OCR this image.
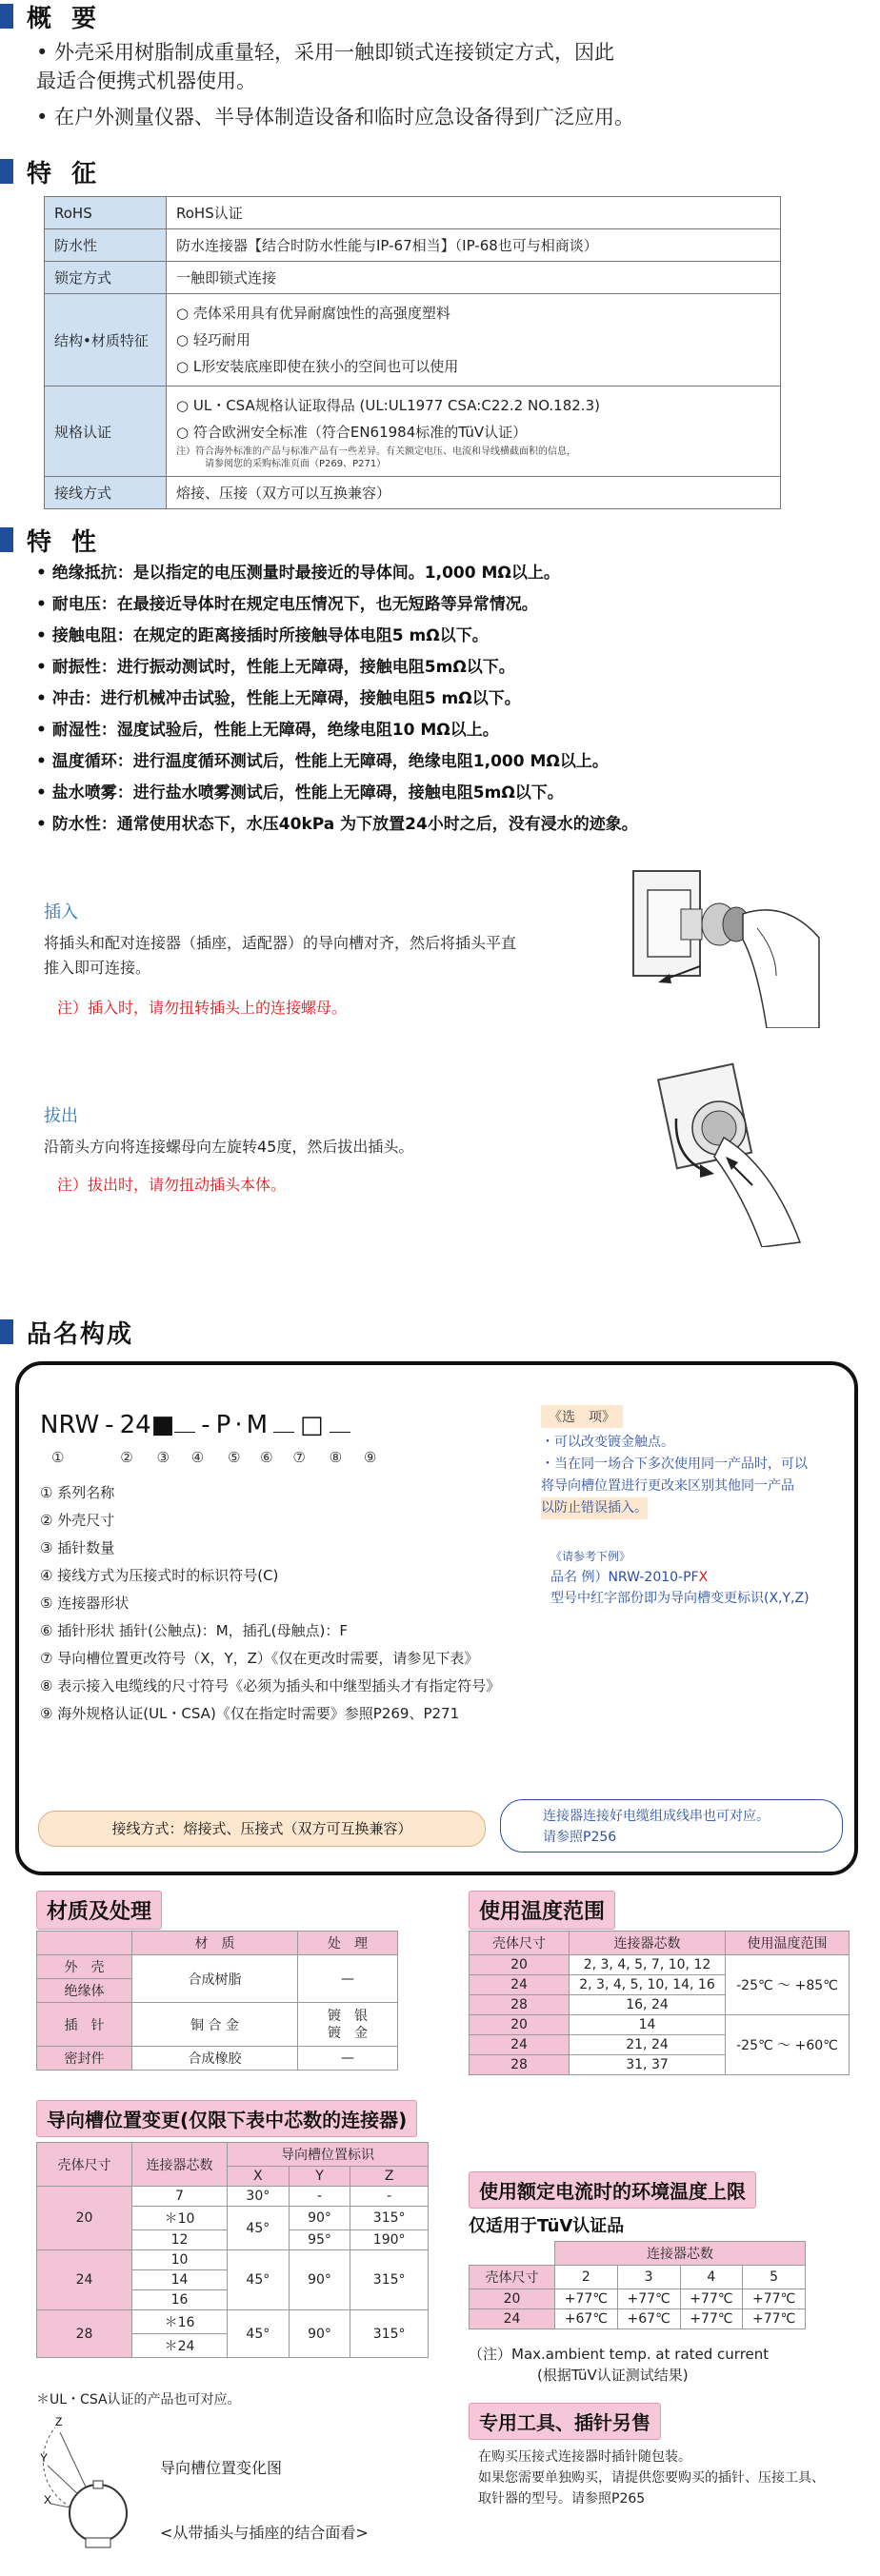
概 要
• 外壳采用树脂制成重量轻，采用一触即锁式连接锁定方式，因此
最适合便携式机器使用。
• 在户外测量仪器、半导体制造设备和临时应急设备得到广泛应用。
特 征
RoHS	RoHS认证
防水性	防水连接器【结合时防水性能与IP-67相当】（IP-68也可与相商谈）
锁定方式	一触即锁式连接
结构•材质特征	○ 壳体采用具有优异耐腐蚀性的高强度塑料
○ 轻巧耐用
○ L形安装底座即使在狭小的空间也可以使用

规格认证	○ UL・CSA规格认证取得品 (UL:UL1977 CSA:C22.2 NO.182.3)
○ 符合欧洲安全标准（符合EN61984标准的TüV认证）
注）符合海外标准的产品与标准产品有一些差异。有关额定电压、电流和导线横截面积的信息，
请参阅您的采购标准页面（P269、P271）

接线方式	熔接、压接（双方可以互换兼容）
特 性
• 绝缘抵抗：是以指定的电压测量时最接近的导体间。1,000 MΩ以上。
• 耐电压：在最接近导体时在规定电压情况下，也无短路等异常情况。
• 接触电阻：在规定的距离接插时所接触导体电阻5 mΩ以下。
• 耐振性：进行振动测试时，性能上无障碍，接触电阻5mΩ以下。
• 冲击：进行机械冲击试验，性能上无障碍，接触电阻5 mΩ以下。
• 耐湿性：湿度试验后，性能上无障碍，绝缘电阻10 MΩ以上。
• 温度循环：进行温度循环测试后，性能上无障碍，绝缘电阻1,000 MΩ以上。
• 盐水喷雾：进行盐水喷雾测试后，性能上无障碍，接触电阻5mΩ以下。
• 防水性：通常使用状态下，水压40kPa 为下放置24小时之后，没有浸水的迹象。
插入
将插头和配对连接器（插座，适配器）的导向槽对齐，然后将插头平直
推入即可连接。
注）插入时，请勿扭转插头上的连接螺母。
拔出
沿箭头方向将连接螺母向左旋转45度，然后拔出插头。
注）拔出时，请勿扭动插头本体。
品名构成
NRW - 24■ - P · M □
①	② ③ ④ ⑤ ⑥ ⑦ ⑧ ⑨
① 系列名称
② 外壳尺寸
③ 插针数量
④ 接线方式为压接式时的标识符号(C)
⑤ 连接器形状
⑥ 插针形状 插针(公触点)：M，插孔(母触点)：F
⑦ 导向槽位置更改符号（X，Y，Z）《仅在更改时需要，请参见下表》
⑧ 表示接入电缆线的尺寸符号《必须为插头和中继型插头才有指定符号》
⑨ 海外规格认证(UL・CSA)《仅在指定时需要》参照P269、P271
《选　项》
・可以改变镀金触点。
・当在同一场合下多次使用同一产品时，可以
将导向槽位置进行更改来区别其他同一产品
以防止错误插入。
《请参考下例》
品名 例）NRW-2010-PFX
型号中红字部份即为导向槽变更标识(X,Y,Z)
接线方式：熔接式、压接式（双方可互换兼容）
连接器连接好电缆组成线串也可对应。
请参照P256
材质及处理
	材　质	处　理
外　壳	合成树脂	—
绝缘体		
插　针	铜 合 金	镀　银
镀　金

密封件	合成橡胶	—
使用温度范围
壳体尺寸	连接器芯数	使用温度范围
20	2, 3, 4, 5, 7, 10, 12	-25℃ ～ +85℃
24	2, 3, 4, 5, 10, 14, 16	
28	16, 24	
20	14	-25℃ ～ +60℃
24	21, 24	
28	31, 37	
导向槽位置变更(仅限下表中芯数的连接器)
壳体尺寸	连接器芯数	导向槽位置标识		
		X	Y	Z
20	7	30°	-	-
	＊10	45°	90°	315°
	12		95°	190°
24	10	45°	90°	315°
	14			
	16			
28	＊16	45°	90°	315°
	＊24			
＊UL・CSA认证的产品也可对应。
Z
Y
X
导向槽位置变化图
<从带插头与插座的结合面看>
使用额定电流时的环境温度上限
仅适用于TüV认证品
	连接器芯数			
壳体尺寸	2	3	4	5
20	+77℃	+77℃	+77℃	+77℃
24	+67℃	+67℃	+77℃	+77℃
（注）Max.ambient temp. at rated current
(根据TüV认证测试结果)
专用工具、插针另售
在购买压接式连接器时插针随包装。
如果您需要单独购买，请提供您要购买的插针、压接工具、
取针器的型号。请参照P265
